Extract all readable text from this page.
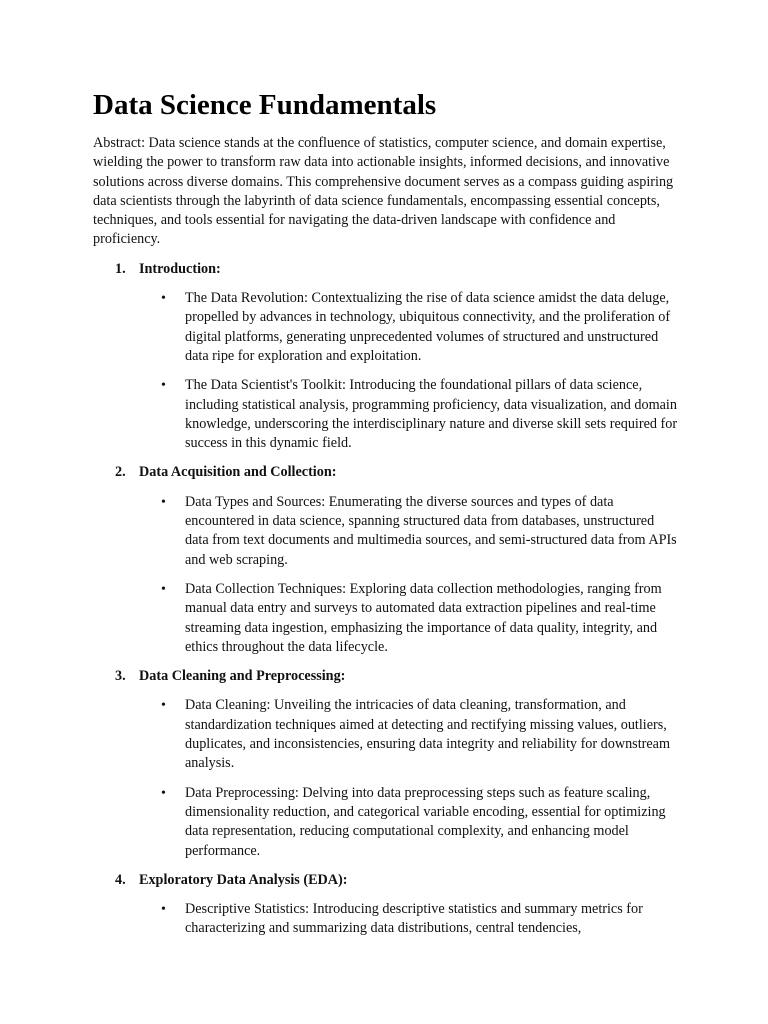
Data Science Fundamentals

Abstract: Data science stands at the confluence of statistics, computer science, and domain expertise, wielding the power to transform raw data into actionable insights, informed decisions, and innovative solutions across diverse domains. This comprehensive document serves as a compass guiding aspiring data scientists through the labyrinth of data science fundamentals, encompassing essential concepts, techniques, and tools essential for navigating the data-driven landscape with confidence and proficiency.

1. Introduction:
• The Data Revolution: Contextualizing the rise of data science amidst the data deluge, propelled by advances in technology, ubiquitous connectivity, and the proliferation of digital platforms, generating unprecedented volumes of structured and unstructured data ripe for exploration and exploitation.
• The Data Scientist's Toolkit: Introducing the foundational pillars of data science, including statistical analysis, programming proficiency, data visualization, and domain knowledge, underscoring the interdisciplinary nature and diverse skill sets required for success in this dynamic field.
2. Data Acquisition and Collection:
• Data Types and Sources: Enumerating the diverse sources and types of data encountered in data science, spanning structured data from databases, unstructured data from text documents and multimedia sources, and semi-structured data from APIs and web scraping.
• Data Collection Techniques: Exploring data collection methodologies, ranging from manual data entry and surveys to automated data extraction pipelines and real-time streaming data ingestion, emphasizing the importance of data quality, integrity, and ethics throughout the data lifecycle.
3. Data Cleaning and Preprocessing:
• Data Cleaning: Unveiling the intricacies of data cleaning, transformation, and standardization techniques aimed at detecting and rectifying missing values, outliers, duplicates, and inconsistencies, ensuring data integrity and reliability for downstream analysis.
• Data Preprocessing: Delving into data preprocessing steps such as feature scaling, dimensionality reduction, and categorical variable encoding, essential for optimizing data representation, reducing computational complexity, and enhancing model performance.
4. Exploratory Data Analysis (EDA):
• Descriptive Statistics: Introducing descriptive statistics and summary metrics for characterizing and summarizing data distributions, central tendencies,
